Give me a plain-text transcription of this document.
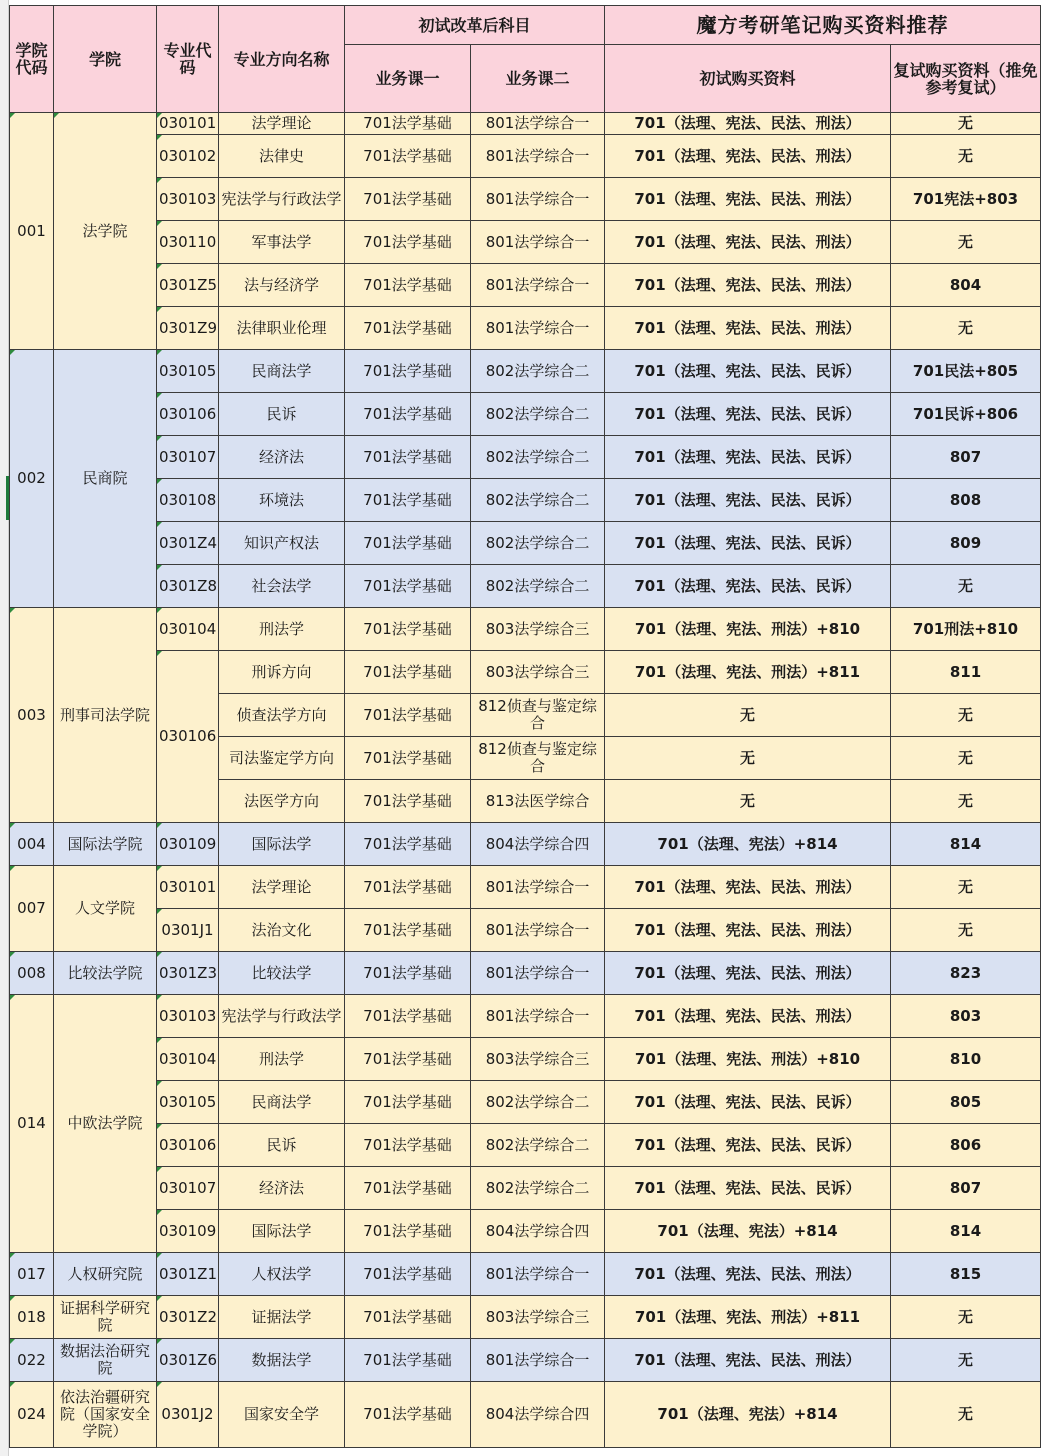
学院代码	学院	专业代码	专业方向名称	初试改革后科目		魔方考研笔记购买资料推荐	
				业务课一	业务课二	初试购买资料	复试购买资料（推免参考复试）
001	法学院	030101	法学理论	701法学基础	801法学综合一	701（法理、宪法、民法、刑法）	无
		030102	法律史	701法学基础	801法学综合一	701（法理、宪法、民法、刑法）	无
		030103	宪法学与行政法学	701法学基础	801法学综合一	701（法理、宪法、民法、刑法）	701宪法+803
		030110	军事法学	701法学基础	801法学综合一	701（法理、宪法、民法、刑法）	无
		0301Z5	法与经济学	701法学基础	801法学综合一	701（法理、宪法、民法、刑法）	804
		0301Z9	法律职业伦理	701法学基础	801法学综合一	701（法理、宪法、民法、刑法）	无
002	民商院	030105	民商法学	701法学基础	802法学综合二	701（法理、宪法、民法、民诉）	701民法+805
		030106	民诉	701法学基础	802法学综合二	701（法理、宪法、民法、民诉）	701民诉+806
		030107	经济法	701法学基础	802法学综合二	701（法理、宪法、民法、民诉）	807
		030108	环境法	701法学基础	802法学综合二	701（法理、宪法、民法、民诉）	808
		0301Z4	知识产权法	701法学基础	802法学综合二	701（法理、宪法、民法、民诉）	809
		0301Z8	社会法学	701法学基础	802法学综合二	701（法理、宪法、民法、民诉）	无
003	刑事司法学院	030104	刑法学	701法学基础	803法学综合三	701（法理、宪法、刑法）+810	701刑法+810
		030106	刑诉方向	701法学基础	803法学综合三	701（法理、宪法、刑法）+811	811
			侦查法学方向	701法学基础	812侦查与鉴定综合	无	无
			司法鉴定学方向	701法学基础	812侦查与鉴定综合	无	无
			法医学方向	701法学基础	813法医学综合	无	无
004	国际法学院	030109	国际法学	701法学基础	804法学综合四	701（法理、宪法）+814	814
007	人文学院	030101	法学理论	701法学基础	801法学综合一	701（法理、宪法、民法、刑法）	无
		0301J1	法治文化	701法学基础	801法学综合一	701（法理、宪法、民法、刑法）	无
008	比较法学院	0301Z3	比较法学	701法学基础	801法学综合一	701（法理、宪法、民法、刑法）	823
014	中欧法学院	030103	宪法学与行政法学	701法学基础	801法学综合一	701（法理、宪法、民法、刑法）	803
		030104	刑法学	701法学基础	803法学综合三	701（法理、宪法、刑法）+810	810
		030105	民商法学	701法学基础	802法学综合二	701（法理、宪法、民法、民诉）	805
		030106	民诉	701法学基础	802法学综合二	701（法理、宪法、民法、民诉）	806
		030107	经济法	701法学基础	802法学综合二	701（法理、宪法、民法、民诉）	807
		030109	国际法学	701法学基础	804法学综合四	701（法理、宪法）+814	814
017	人权研究院	0301Z1	人权法学	701法学基础	801法学综合一	701（法理、宪法、民法、刑法）	815
018	证据科学研究院	0301Z2	证据法学	701法学基础	803法学综合三	701（法理、宪法、刑法）+811	无
022	数据法治研究院	0301Z6	数据法学	701法学基础	801法学综合一	701（法理、宪法、民法、刑法）	无
024	依法治疆研究院（国家安全学院）	0301J2	国家安全学	701法学基础	804法学综合四	701（法理、宪法）+814	无
